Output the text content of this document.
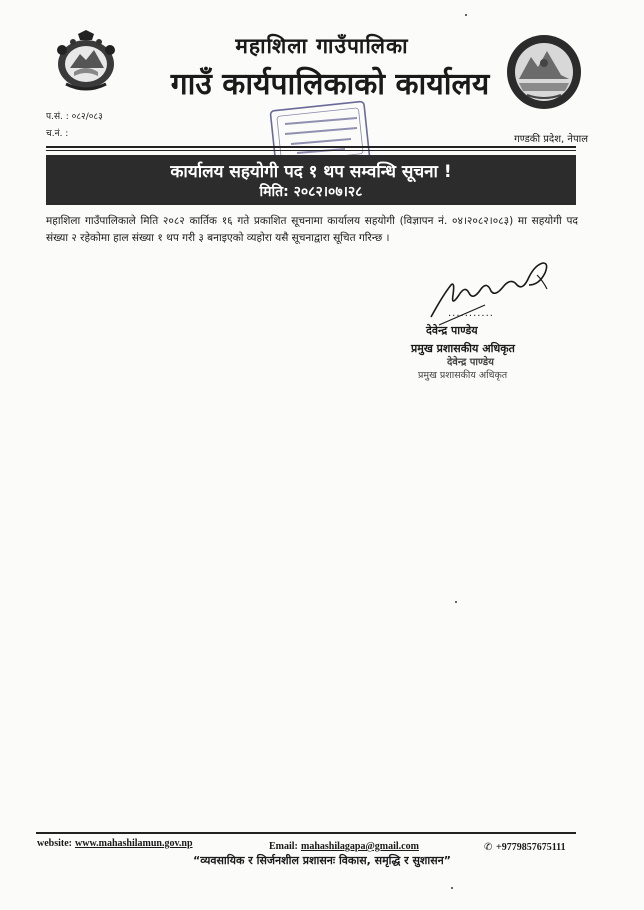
महाशिला गाउँपालिका
गाउँ कार्यपालिकाको कार्यालय
प.सं. : ०८२/०८३
च.नं. :	गण्डकी प्रदेश, नेपाल
कार्यालय सहयोगी पद १ थप सम्वन्धि सूचना !
मिति: २०८२।०७।२८
महाशिला गाउँपालिकाले मिति २०८२ कार्तिक १६ गते प्रकाशित सूचनामा कार्यालय सहयोगी (विज्ञापन नं. ०४।२०८२।०८३) मा सहयोगी पद संख्या २ रहेकोमा हाल संख्या १ थप गरी ३ बनाइएको व्यहोरा यसै सूचनाद्वारा सूचित गरिन्छ ।
...........
देवेन्द्र पाण्डेय
प्रमुख प्रशासकीय अधिकृत
देवेन्द्र पाण्डेय
प्रमुख प्रशासकीय अधिकृत
website: www.mahashilamun.gov.np	Email: mahashilagapa@gmail.com	✆ +9779857675111
“व्यवसायिक र सिर्जनशील प्रशासनः विकास, समृद्धि र सुशासन”
